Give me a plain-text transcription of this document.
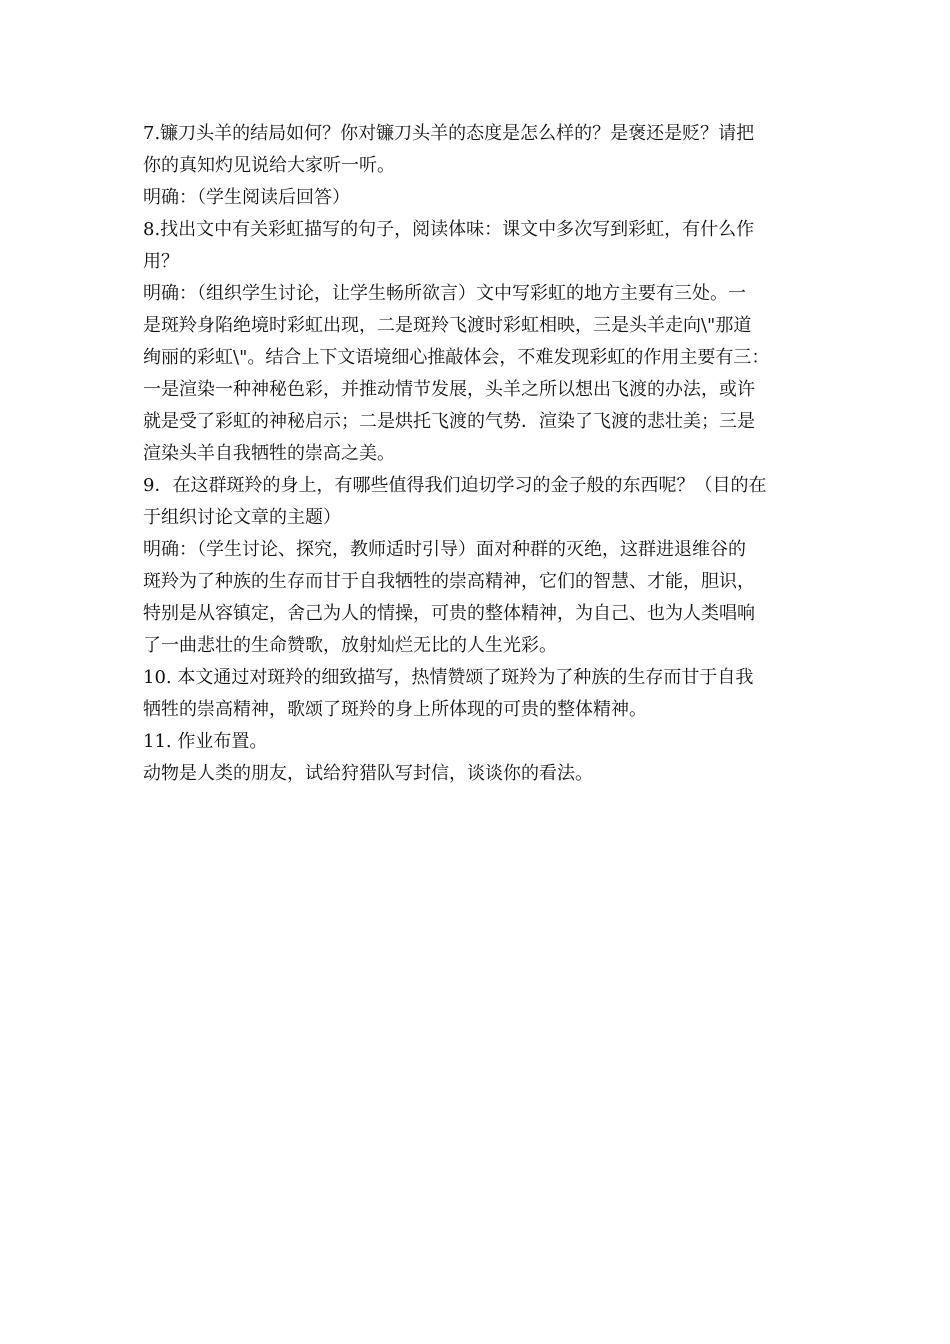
7.镰刀头羊的结局如何？你对镰刀头羊的态度是怎么样的？是褒还是贬？请把
你的真知灼见说给大家听一听。
明确：（学生阅读后回答）
8.找出文中有关彩虹描写的句子，阅读体味：课文中多次写到彩虹，有什么作
用？
明确：（组织学生讨论，让学生畅所欲言）文中写彩虹的地方主要有三处。一
是斑羚身陷绝境时彩虹出现，二是斑羚飞渡时彩虹相映，三是头羊走向\"那道
绚丽的彩虹\"。结合上下文语境细心推敲体会，不难发现彩虹的作用主要有三：
一是渲染一种神秘色彩，并推动情节发展，头羊之所以想出飞渡的办法，或许
就是受了彩虹的神秘启示；二是烘托飞渡的气势．渲染了飞渡的悲壮美；三是
渲染头羊自我牺牲的崇高之美。
9．在这群斑羚的身上，有哪些值得我们迫切学习的金子般的东西呢？（目的在
于组织讨论文章的主题）
明确：（学生讨论、探究，教师适时引导）面对种群的灭绝，这群进退维谷的
斑羚为了种族的生存而甘于自我牺牲的崇高精神，它们的智慧、才能，胆识，
特别是从容镇定，舍己为人的情操，可贵的整体精神，为自己、也为人类唱响
了一曲悲壮的生命赞歌，放射灿烂无比的人生光彩。
10. 本文通过对斑羚的细致描写，热情赞颂了斑羚为了种族的生存而甘于自我
牺牲的崇高精神，歌颂了斑羚的身上所体现的可贵的整体精神。
11. 作业布置。
动物是人类的朋友，试给狩猎队写封信，谈谈你的看法。
